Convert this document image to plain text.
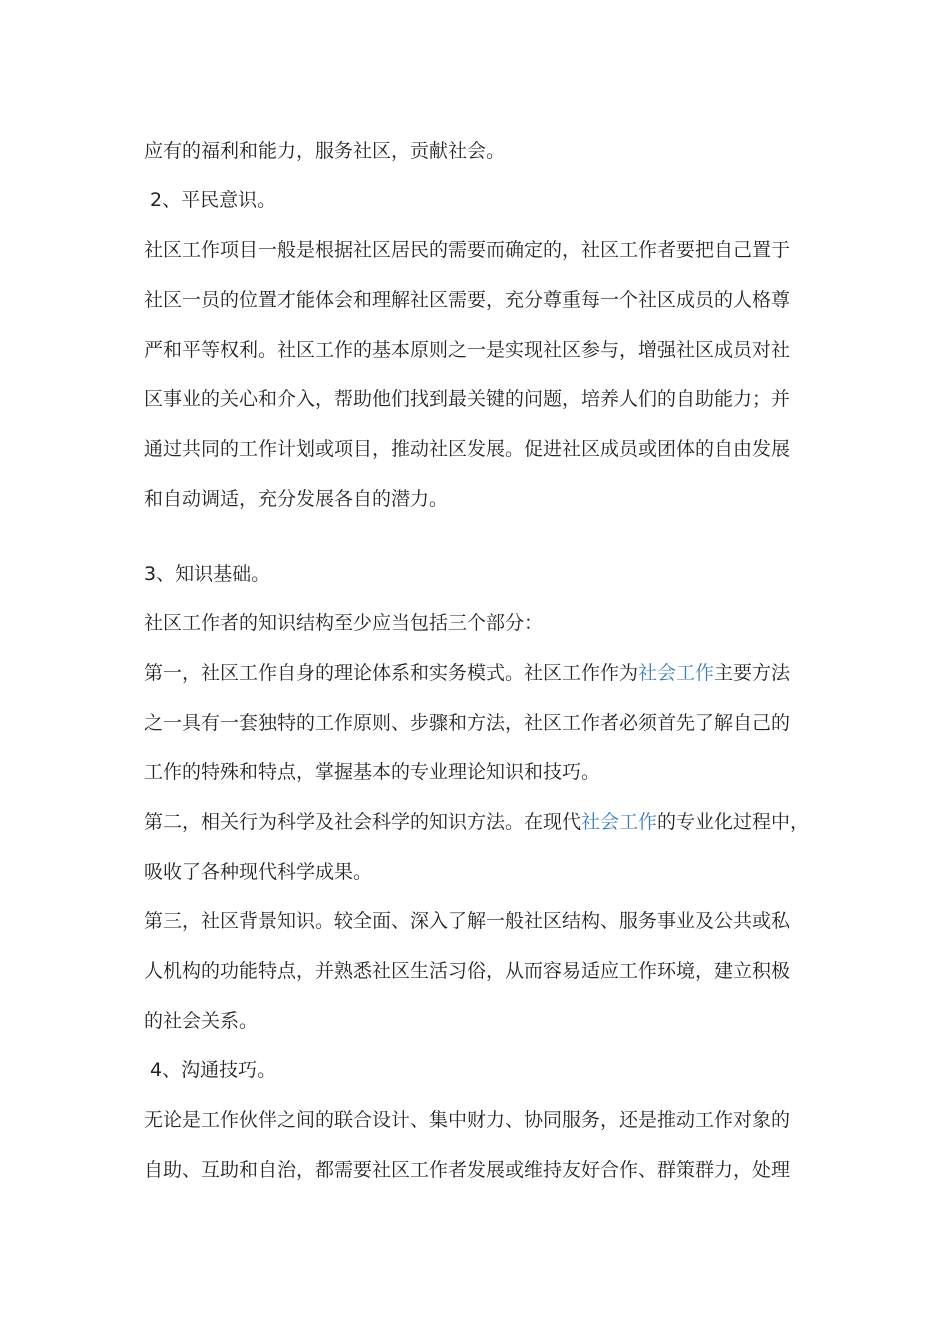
应有的福利和能力，服务社区，贡献社会。
2、平民意识。
社区工作项目一般是根据社区居民的需要而确定的，社区工作者要把自己置于
社区一员的位置才能体会和理解社区需要，充分尊重每一个社区成员的人格尊
严和平等权利。社区工作的基本原则之一是实现社区参与，增强社区成员对社
区事业的关心和介入，帮助他们找到最关键的问题，培养人们的自助能力；并
通过共同的工作计划或项目，推动社区发展。促进社区成员或团体的自由发展
和自动调适，充分发展各自的潜力。
3、知识基础。
社区工作者的知识结构至少应当包括三个部分：
第一，社区工作自身的理论体系和实务模式。社区工作作为社会工作主要方法
之一具有一套独特的工作原则、步骤和方法，社区工作者必须首先了解自己的
工作的特殊和特点，掌握基本的专业理论知识和技巧。
第二，相关行为科学及社会科学的知识方法。在现代社会工作的专业化过程中，
吸收了各种现代科学成果。
第三，社区背景知识。较全面、深入了解一般社区结构、服务事业及公共或私
人机构的功能特点，并熟悉社区生活习俗，从而容易适应工作环境，建立积极
的社会关系。
4、沟通技巧。
无论是工作伙伴之间的联合设计、集中财力、协同服务，还是推动工作对象的
自助、互助和自治，都需要社区工作者发展或维持友好合作、群策群力，处理
